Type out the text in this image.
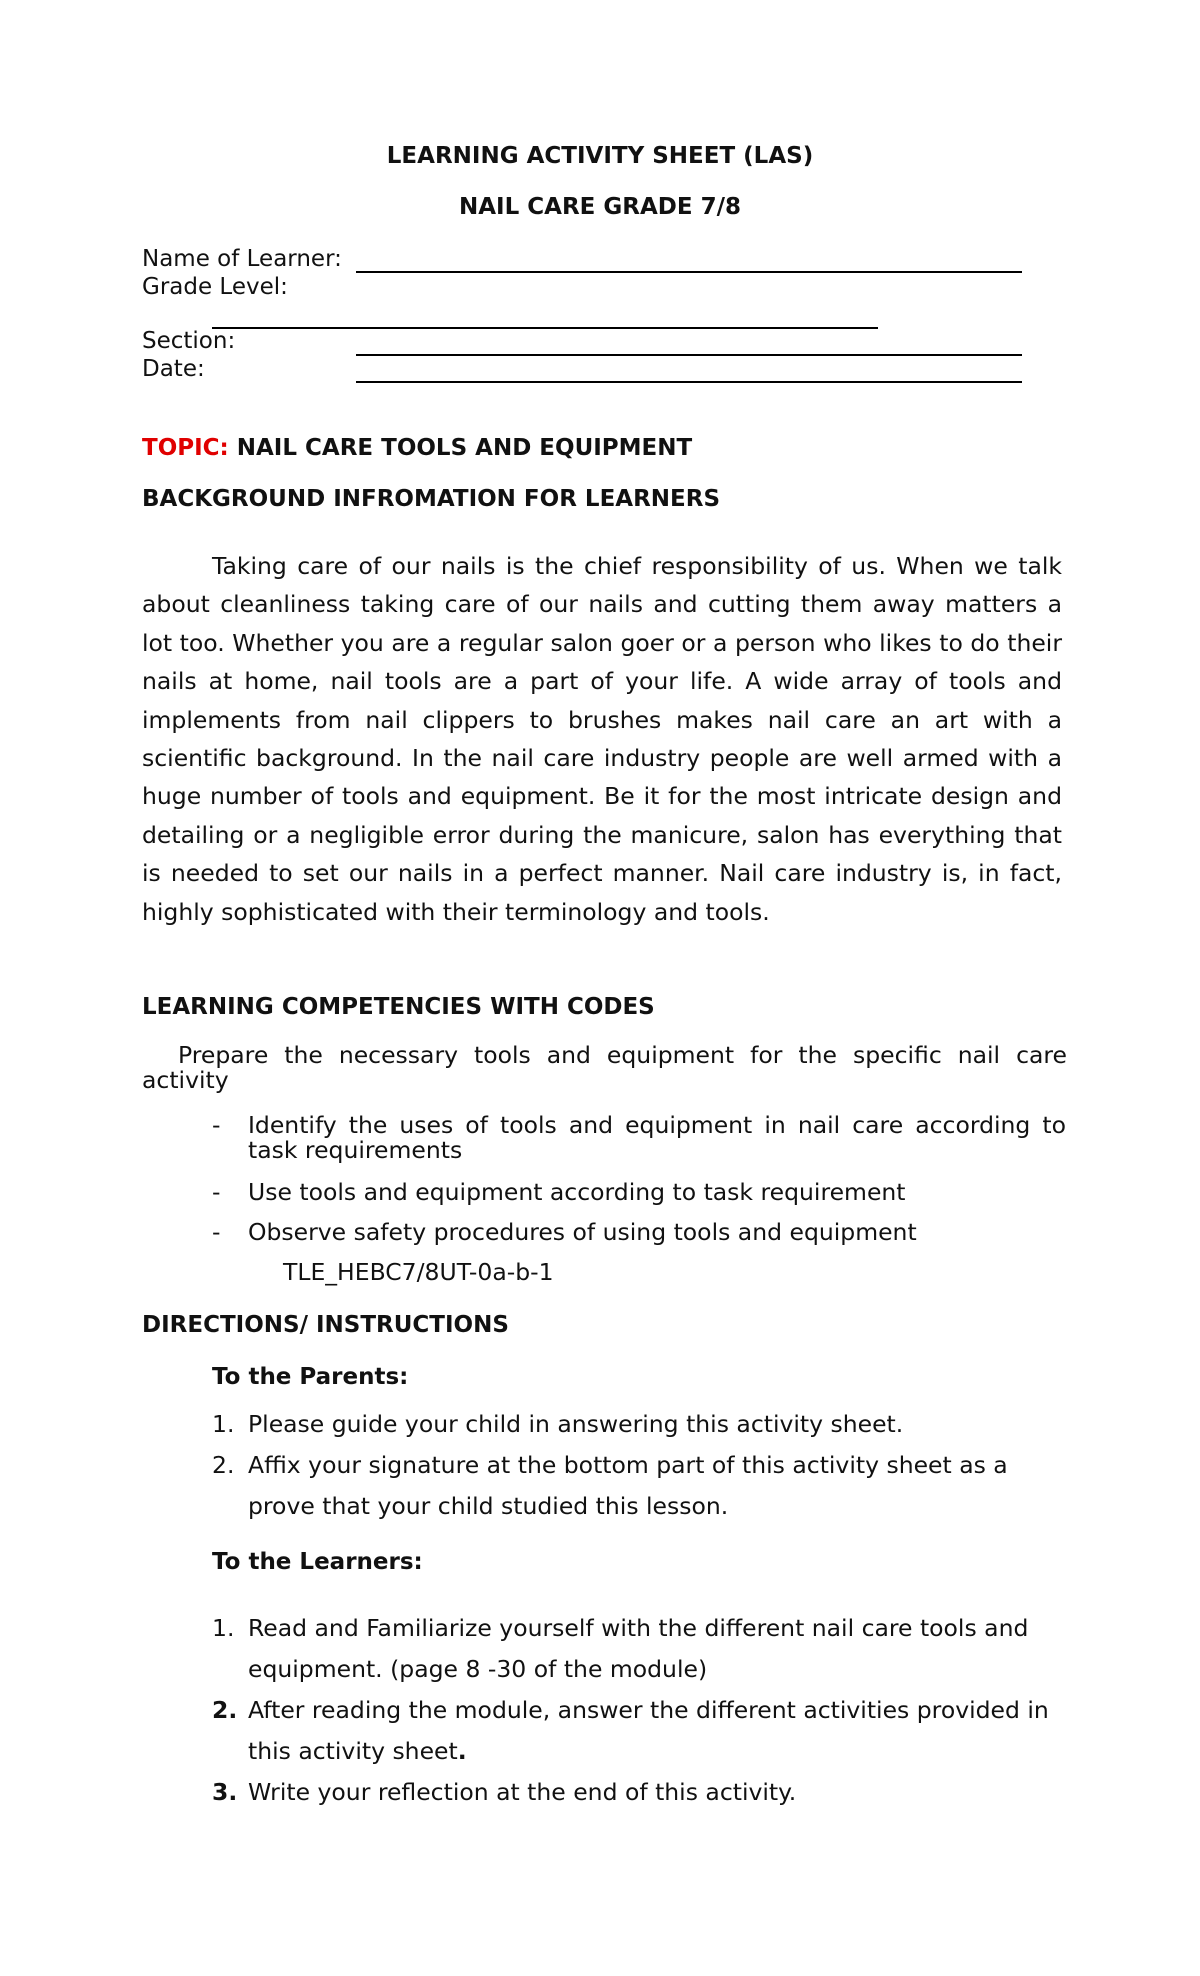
LEARNING ACTIVITY SHEET (LAS)
NAIL CARE GRADE 7/8
Name of Learner:
Grade Level:
Section:
Date:
TOPIC: NAIL CARE TOOLS AND EQUIPMENT
BACKGROUND INFROMATION FOR LEARNERS
Taking care of our nails is the chief responsibility of us. When we talk about cleanliness taking care of our nails and cutting them away matters a lot too. Whether you are a regular salon goer or a person who likes to do their nails at home, nail tools are a part of your life. A wide array of tools and implements from nail clippers to brushes makes nail care an art with a scientific background. In the nail care industry people are well armed with a huge number of tools and equipment. Be it for the most intricate design and detailing or a negligible error during the manicure, salon has everything that is needed to set our nails in a perfect manner. Nail care industry is, in fact, highly sophisticated with their terminology and tools.
LEARNING COMPETENCIES WITH CODES
Prepare the necessary tools and equipment for the specific nail care activity
- Identify the uses of tools and equipment in nail care according to task requirements
- Use tools and equipment according to task requirement
- Observe safety procedures of using tools and equipment
TLE_HEBC7/8UT-0a-b-1
DIRECTIONS/ INSTRUCTIONS
To the Parents:
1. Please guide your child in answering this activity sheet.
2. Affix your signature at the bottom part of this activity sheet as a prove that your child studied this lesson.
To the Learners:
1. Read and Familiarize yourself with the different nail care tools and equipment. (page 8 -30 of the module)
2. After reading the module, answer the different activities provided in this activity sheet.
3. Write your reflection at the end of this activity.
